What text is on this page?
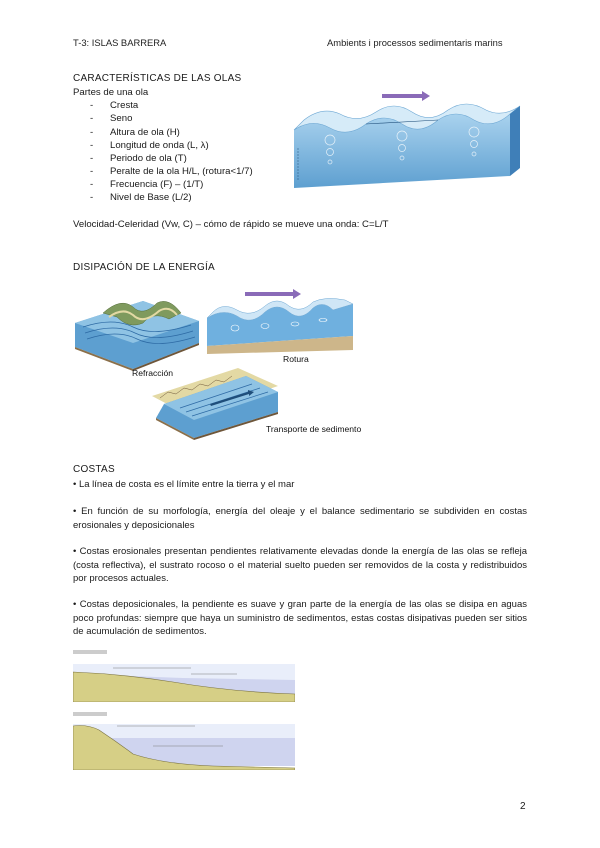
T-3: ISLAS BARRERA	Ambients i processos sedimentaris marins
CARACTERÍSTICAS DE LAS OLAS
Partes de una ola
- Cresta
- Seno
- Altura de ola (H)
- Longitud de onda (L, λ)
- Periodo de ola (T)
- Peralte de la ola H/L, (rotura<1/7)
- Frecuencia (F) – (1/T)
- Nivel de Base (L/2)
Velocidad-Celeridad (Vw, C) – cómo de rápido se mueve una onda: C=L/T
DISIPACIÓN DE LA ENERGÍA
Refracción
Rotura
Transporte de sedimento
COSTAS
• La línea de costa es el límite entre la tierra y el mar
• En función de su morfología, energía del oleaje y el balance sedimentario se subdividen en costas erosionales y deposicionales
• Costas erosionales presentan pendientes relativamente elevadas donde la energía de las olas se refleja (costa reflectiva), el sustrato rocoso o el material suelto pueden ser removidos de la costa y redistribuidos por procesos actuales.
• Costas deposicionales, la pendiente es suave y gran parte de la energía de las olas se disipa en aguas poco profundas: siempre que haya un suministro de sedimentos, estas costas disipativas pueden ser sitios de acumulación de sedimentos.
2
